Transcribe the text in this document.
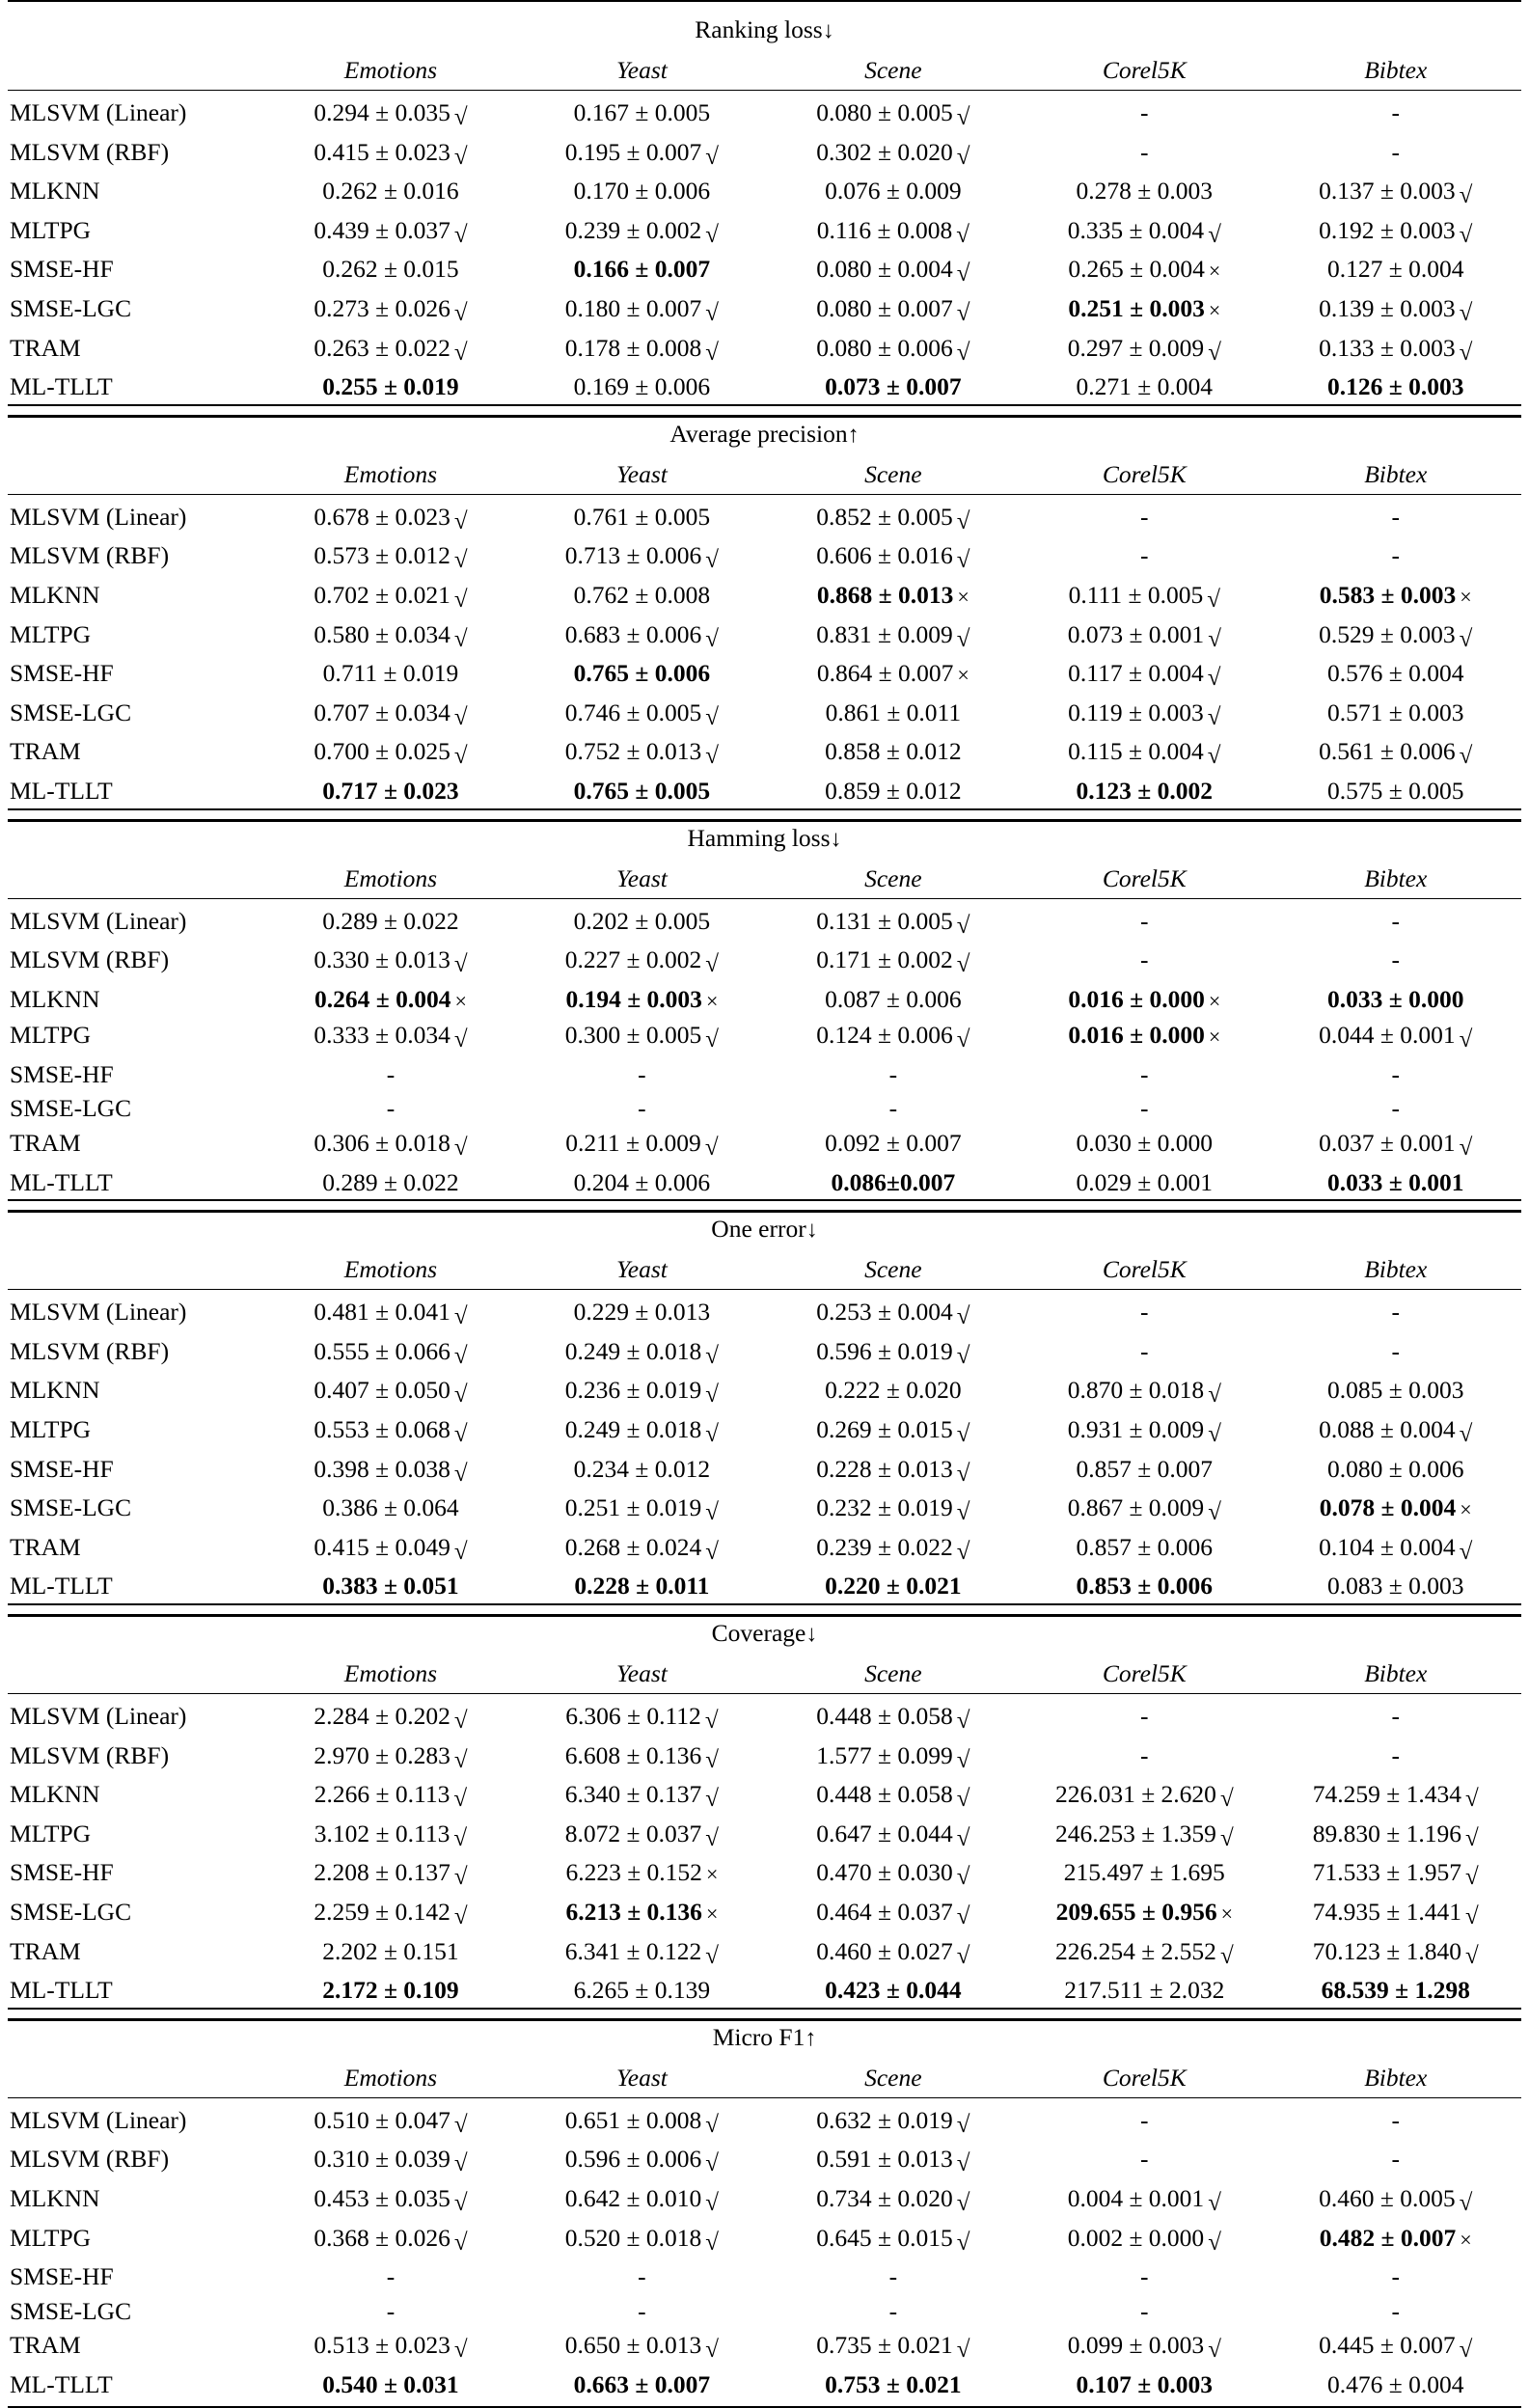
Ranking loss↓					
	Emotions	Yeast	Scene	Corel5K	Bibtex

MLSVM (Linear)	0.294 ± 0.035 √	0.167 ± 0.005	0.080 ± 0.005 √	-	-
MLSVM (RBF)	0.415 ± 0.023 √	0.195 ± 0.007 √	0.302 ± 0.020 √	-	-
MLKNN	0.262 ± 0.016	0.170 ± 0.006	0.076 ± 0.009	0.278 ± 0.003	0.137 ± 0.003 √
MLTPG	0.439 ± 0.037 √	0.239 ± 0.002 √	0.116 ± 0.008 √	0.335 ± 0.004 √	0.192 ± 0.003 √
SMSE-HF	0.262 ± 0.015	0.166 ± 0.007	0.080 ± 0.004 √	0.265 ± 0.004 ×	0.127 ± 0.004
SMSE-LGC	0.273 ± 0.026 √	0.180 ± 0.007 √	0.080 ± 0.007 √	0.251 ± 0.003 ×	0.139 ± 0.003 √
TRAM	0.263 ± 0.022 √	0.178 ± 0.008 √	0.080 ± 0.006 √	0.297 ± 0.009 √	0.133 ± 0.003 √
ML-TLLT	0.255 ± 0.019	0.169 ± 0.006	0.073 ± 0.007	0.271 ± 0.004	0.126 ± 0.003

Average precision↑					
	Emotions	Yeast	Scene	Corel5K	Bibtex

MLSVM (Linear)	0.678 ± 0.023 √	0.761 ± 0.005	0.852 ± 0.005 √	-	-
MLSVM (RBF)	0.573 ± 0.012 √	0.713 ± 0.006 √	0.606 ± 0.016 √	-	-
MLKNN	0.702 ± 0.021 √	0.762 ± 0.008	0.868 ± 0.013 ×	0.111 ± 0.005 √	0.583 ± 0.003 ×
MLTPG	0.580 ± 0.034 √	0.683 ± 0.006 √	0.831 ± 0.009 √	0.073 ± 0.001 √	0.529 ± 0.003 √
SMSE-HF	0.711 ± 0.019	0.765 ± 0.006	0.864 ± 0.007 ×	0.117 ± 0.004 √	0.576 ± 0.004
SMSE-LGC	0.707 ± 0.034 √	0.746 ± 0.005 √	0.861 ± 0.011	0.119 ± 0.003 √	0.571 ± 0.003
TRAM	0.700 ± 0.025 √	0.752 ± 0.013 √	0.858 ± 0.012	0.115 ± 0.004 √	0.561 ± 0.006 √
ML-TLLT	0.717 ± 0.023	0.765 ± 0.005	0.859 ± 0.012	0.123 ± 0.002	0.575 ± 0.005

Hamming loss↓					
	Emotions	Yeast	Scene	Corel5K	Bibtex

MLSVM (Linear)	0.289 ± 0.022	0.202 ± 0.005	0.131 ± 0.005 √	-	-
MLSVM (RBF)	0.330 ± 0.013 √	0.227 ± 0.002 √	0.171 ± 0.002 √	-	-
MLKNN	0.264 ± 0.004 ×	0.194 ± 0.003 ×	0.087 ± 0.006	0.016 ± 0.000 ×	0.033 ± 0.000
MLTPG	0.333 ± 0.034 √	0.300 ± 0.005 √	0.124 ± 0.006 √	0.016 ± 0.000 ×	0.044 ± 0.001 √
SMSE-HF	-	-	-	-	-
SMSE-LGC	-	-	-	-	-
TRAM	0.306 ± 0.018 √	0.211 ± 0.009 √	0.092 ± 0.007	0.030 ± 0.000	0.037 ± 0.001 √
ML-TLLT	0.289 ± 0.022	0.204 ± 0.006	0.086±0.007	0.029 ± 0.001	0.033 ± 0.001

One error↓					
	Emotions	Yeast	Scene	Corel5K	Bibtex

MLSVM (Linear)	0.481 ± 0.041 √	0.229 ± 0.013	0.253 ± 0.004 √	-	-
MLSVM (RBF)	0.555 ± 0.066 √	0.249 ± 0.018 √	0.596 ± 0.019 √	-	-
MLKNN	0.407 ± 0.050 √	0.236 ± 0.019 √	0.222 ± 0.020	0.870 ± 0.018 √	0.085 ± 0.003
MLTPG	0.553 ± 0.068 √	0.249 ± 0.018 √	0.269 ± 0.015 √	0.931 ± 0.009 √	0.088 ± 0.004 √
SMSE-HF	0.398 ± 0.038 √	0.234 ± 0.012	0.228 ± 0.013 √	0.857 ± 0.007	0.080 ± 0.006
SMSE-LGC	0.386 ± 0.064	0.251 ± 0.019 √	0.232 ± 0.019 √	0.867 ± 0.009 √	0.078 ± 0.004 ×
TRAM	0.415 ± 0.049 √	0.268 ± 0.024 √	0.239 ± 0.022 √	0.857 ± 0.006	0.104 ± 0.004 √
ML-TLLT	0.383 ± 0.051	0.228 ± 0.011	0.220 ± 0.021	0.853 ± 0.006	0.083 ± 0.003

Coverage↓					
	Emotions	Yeast	Scene	Corel5K	Bibtex

MLSVM (Linear)	2.284 ± 0.202 √	6.306 ± 0.112 √	0.448 ± 0.058 √	-	-
MLSVM (RBF)	2.970 ± 0.283 √	6.608 ± 0.136 √	1.577 ± 0.099 √	-	-
MLKNN	2.266 ± 0.113 √	6.340 ± 0.137 √	0.448 ± 0.058 √	226.031 ± 2.620 √	74.259 ± 1.434 √
MLTPG	3.102 ± 0.113 √	8.072 ± 0.037 √	0.647 ± 0.044 √	246.253 ± 1.359 √	89.830 ± 1.196 √
SMSE-HF	2.208 ± 0.137 √	6.223 ± 0.152 ×	0.470 ± 0.030 √	215.497 ± 1.695	71.533 ± 1.957 √
SMSE-LGC	2.259 ± 0.142 √	6.213 ± 0.136 ×	0.464 ± 0.037 √	209.655 ± 0.956 ×	74.935 ± 1.441 √
TRAM	2.202 ± 0.151	6.341 ± 0.122 √	0.460 ± 0.027 √	226.254 ± 2.552 √	70.123 ± 1.840 √
ML-TLLT	2.172 ± 0.109	6.265 ± 0.139	0.423 ± 0.044	217.511 ± 2.032	68.539 ± 1.298

Micro F1↑					
	Emotions	Yeast	Scene	Corel5K	Bibtex

MLSVM (Linear)	0.510 ± 0.047 √	0.651 ± 0.008 √	0.632 ± 0.019 √	-	-
MLSVM (RBF)	0.310 ± 0.039 √	0.596 ± 0.006 √	0.591 ± 0.013 √	-	-
MLKNN	0.453 ± 0.035 √	0.642 ± 0.010 √	0.734 ± 0.020 √	0.004 ± 0.001 √	0.460 ± 0.005 √
MLTPG	0.368 ± 0.026 √	0.520 ± 0.018 √	0.645 ± 0.015 √	0.002 ± 0.000 √	0.482 ± 0.007 ×
SMSE-HF	-	-	-	-	-
SMSE-LGC	-	-	-	-	-
TRAM	0.513 ± 0.023 √	0.650 ± 0.013 √	0.735 ± 0.021 √	0.099 ± 0.003 √	0.445 ± 0.007 √
ML-TLLT	0.540 ± 0.031	0.663 ± 0.007	0.753 ± 0.021	0.107 ± 0.003	0.476 ± 0.004
